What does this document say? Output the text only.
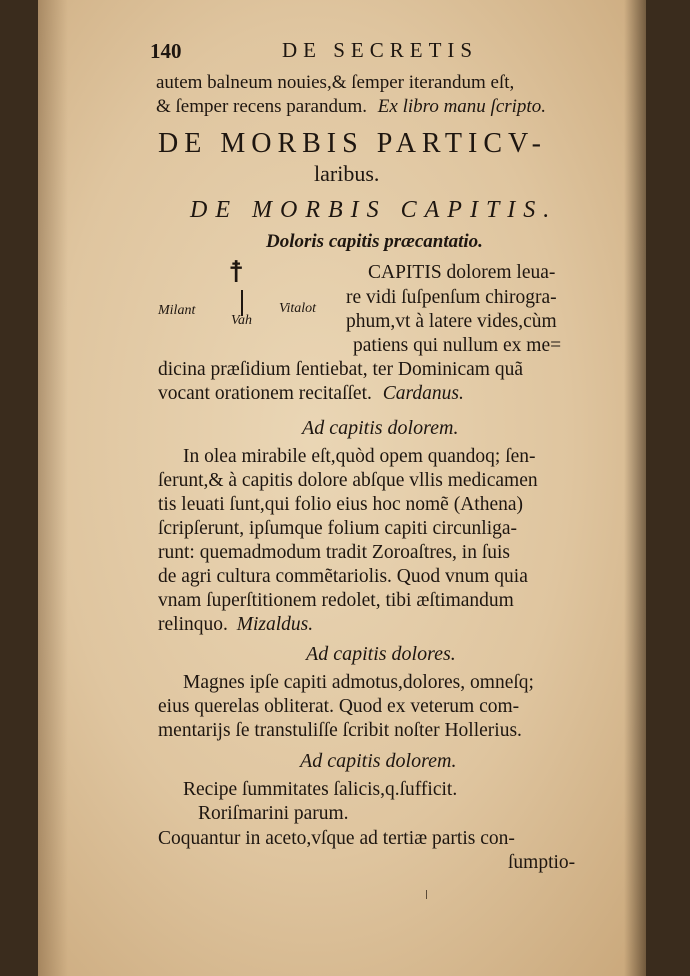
140	DE SECRETIS
autem balneum nouies,& ſemper iterandum eſt,
& ſemper recens parandum. Ex libro manu ſcripto.
DE MORBIS PARTICV-
laribus.
DE MORBIS CAPITIS.
Doloris capitis præcantatio.
☨
Milant
Vah
Vitalot
CAPITIS dolorem leua-
re vidi ſuſpenſum chirogra-
phum,vt à latere vides,cùm
patiens qui nullum ex me=
dicina præſidium ſentiebat, ter Dominicam quã
vocant orationem recitaſſet. Cardanus.
Ad capitis dolorem.
In olea mirabile eſt,quòd opem quandoq; ſen-
ſerunt,& à capitis dolore abſque vllis medicamen
tis leuati ſunt,qui folio eius hoc nomẽ (Athena)
ſcripſerunt, ipſumque folium capiti circunliga-
runt: quemadmodum tradit Zoroaſtres, in ſuis
de agri cultura commẽtariolis. Quod vnum quia
vnam ſuperſtitionem redolet, tibi æſtimandum
relinquo. Mizaldus.
Ad capitis dolores.
Magnes ipſe capiti admotus,dolores, omneſq;
eius querelas obliterat. Quod ex veterum com-
mentarijs ſe transtuliſſe ſcribit noſter Hollerius.
Ad capitis dolorem.
Recipe ſummitates ſalicis,q.ſufficit.
Roriſmarini parum.
Coquantur in aceto,vſque ad tertiæ partis con-
ſumptio-
